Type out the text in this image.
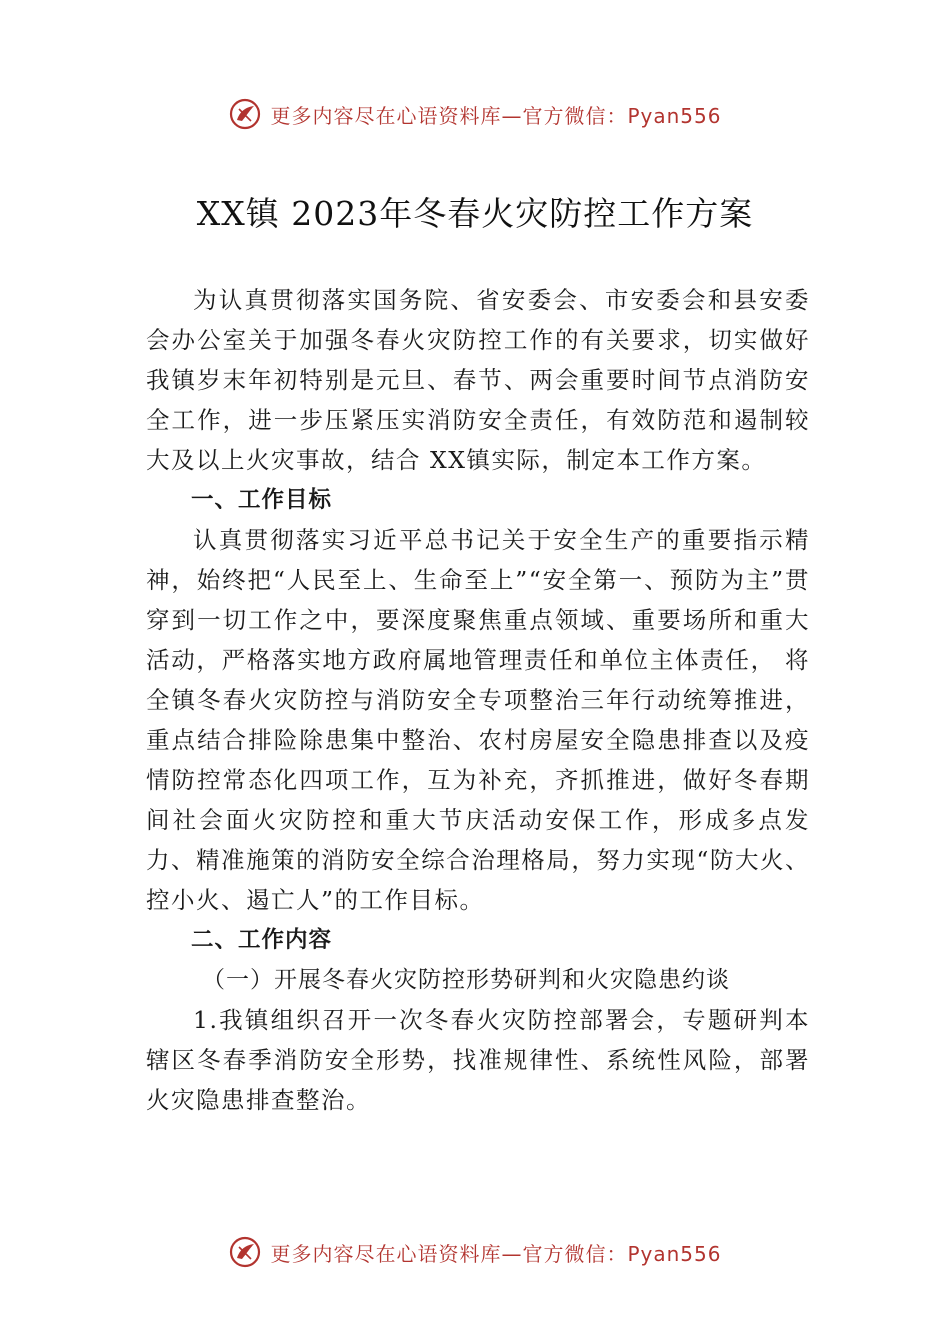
更多内容尽在心语资料库—官方微信：Pyan556
XX镇 2023年冬春火灾防控工作方案

为认真贯彻落实国务院、省安委会、市安委会和县安委会办公室关于加强冬春火灾防控工作的有关要求，切实做好我镇岁末年初特别是元旦、春节、两会重要时间节点消防安全工作，进一步压紧压实消防安全责任，有效防范和遏制较大及以上火灾事故，结合 XX镇实际，制定本工作方案。

一、工作目标

认真贯彻落实习近平总书记关于安全生产的重要指示精神，始终把“人民至上、生命至上”“安全第一、预防为主”贯穿到一切工作之中，要深度聚焦重点领域、重要场所和重大活动，严格落实地方政府属地管理责任和单位主体责任， 将全镇冬春火灾防控与消防安全专项整治三年行动统筹推进，重点结合排险除患集中整治、农村房屋安全隐患排查以及疫情防控常态化四项工作，互为补充，齐抓推进，做好冬春期间社会面火灾防控和重大节庆活动安保工作，形成多点发力、精准施策的消防安全综合治理格局，努力实现“防大火、控小火、遏亡人”的工作目标。

二、工作内容
（一）开展冬春火灾防控形势研判和火灾隐患约谈

1.我镇组织召开一次冬春火灾防控部署会，专题研判本辖区冬春季消防安全形势，找准规律性、系统性风险，部署火灾隐患排查整治。

更多内容尽在心语资料库—官方微信：Pyan556
